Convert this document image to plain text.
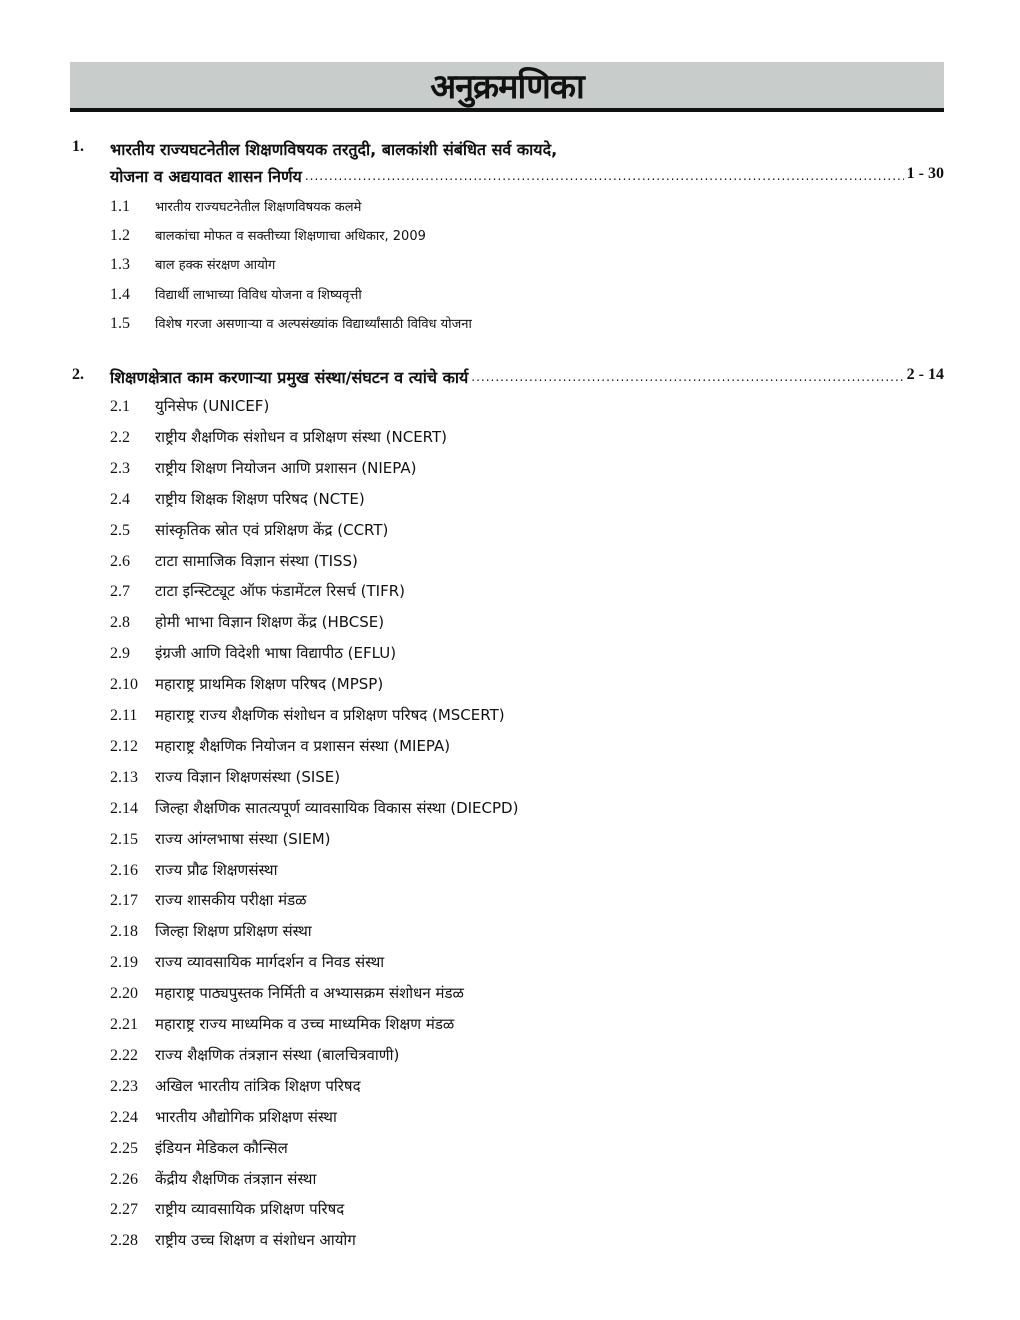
अनुक्रमणिका
1. भारतीय राज्यघटनेतील शिक्षणविषयक तरतुदी, बालकांशी संबंधित सर्व कायदे,
योजना व अद्ययावत शासन निर्णय .....	1 - 30
1.1 भारतीय राज्यघटनेतील शिक्षणविषयक कलमे
1.2 बालकांचा मोफत व सक्तीच्या शिक्षणाचा अधिकार, 2009
1.3 बाल हक्क संरक्षण आयोग
1.4 विद्यार्थी लाभाच्या विविध योजना व शिष्यवृत्ती
1.5 विशेष गरजा असणाऱ्या व अल्पसंख्यांक विद्यार्थ्यांसाठी विविध योजना
2. शिक्षणक्षेत्रात काम करणाऱ्या प्रमुख संस्था/संघटन व त्यांचे कार्य .....	2 - 14
2.1 युनिसेफ (UNICEF)
2.2 राष्ट्रीय शैक्षणिक संशोधन व प्रशिक्षण संस्था (NCERT)
2.3 राष्ट्रीय शिक्षण नियोजन आणि प्रशासन (NIEPA)
2.4 राष्ट्रीय शिक्षक शिक्षण परिषद (NCTE)
2.5 सांस्कृतिक स्रोत एवं प्रशिक्षण केंद्र (CCRT)
2.6 टाटा सामाजिक विज्ञान संस्था (TISS)
2.7 टाटा इन्स्टिट्यूट ऑफ फंडामेंटल रिसर्च (TIFR)
2.8 होमी भाभा विज्ञान शिक्षण केंद्र (HBCSE)
2.9 इंग्रजी आणि विदेशी भाषा विद्यापीठ (EFLU)
2.10 महाराष्ट्र प्राथमिक शिक्षण परिषद (MPSP)
2.11 महाराष्ट्र राज्य शैक्षणिक संशोधन व प्रशिक्षण परिषद (MSCERT)
2.12 महाराष्ट्र शैक्षणिक नियोजन व प्रशासन संस्था (MIEPA)
2.13 राज्य विज्ञान शिक्षणसंस्था (SISE)
2.14 जिल्हा शैक्षणिक सातत्यपूर्ण व्यावसायिक विकास संस्था (DIECPD)
2.15 राज्य आंग्लभाषा संस्था (SIEM)
2.16 राज्य प्रौढ शिक्षणसंस्था
2.17 राज्य शासकीय परीक्षा मंडळ
2.18 जिल्हा शिक्षण प्रशिक्षण संस्था
2.19 राज्य व्यावसायिक मार्गदर्शन व निवड संस्था
2.20 महाराष्ट्र पाठ्यपुस्तक निर्मिती व अभ्यासक्रम संशोधन मंडळ
2.21 महाराष्ट्र राज्य माध्यमिक व उच्च माध्यमिक शिक्षण मंडळ
2.22 राज्य शैक्षणिक तंत्रज्ञान संस्था (बालचित्रवाणी)
2.23 अखिल भारतीय तांत्रिक शिक्षण परिषद
2.24 भारतीय औद्योगिक प्रशिक्षण संस्था
2.25 इंडियन मेडिकल कौन्सिल
2.26 केंद्रीय शैक्षणिक तंत्रज्ञान संस्था
2.27 राष्ट्रीय व्यावसायिक प्रशिक्षण परिषद
2.28 राष्ट्रीय उच्च शिक्षण व संशोधन आयोग
